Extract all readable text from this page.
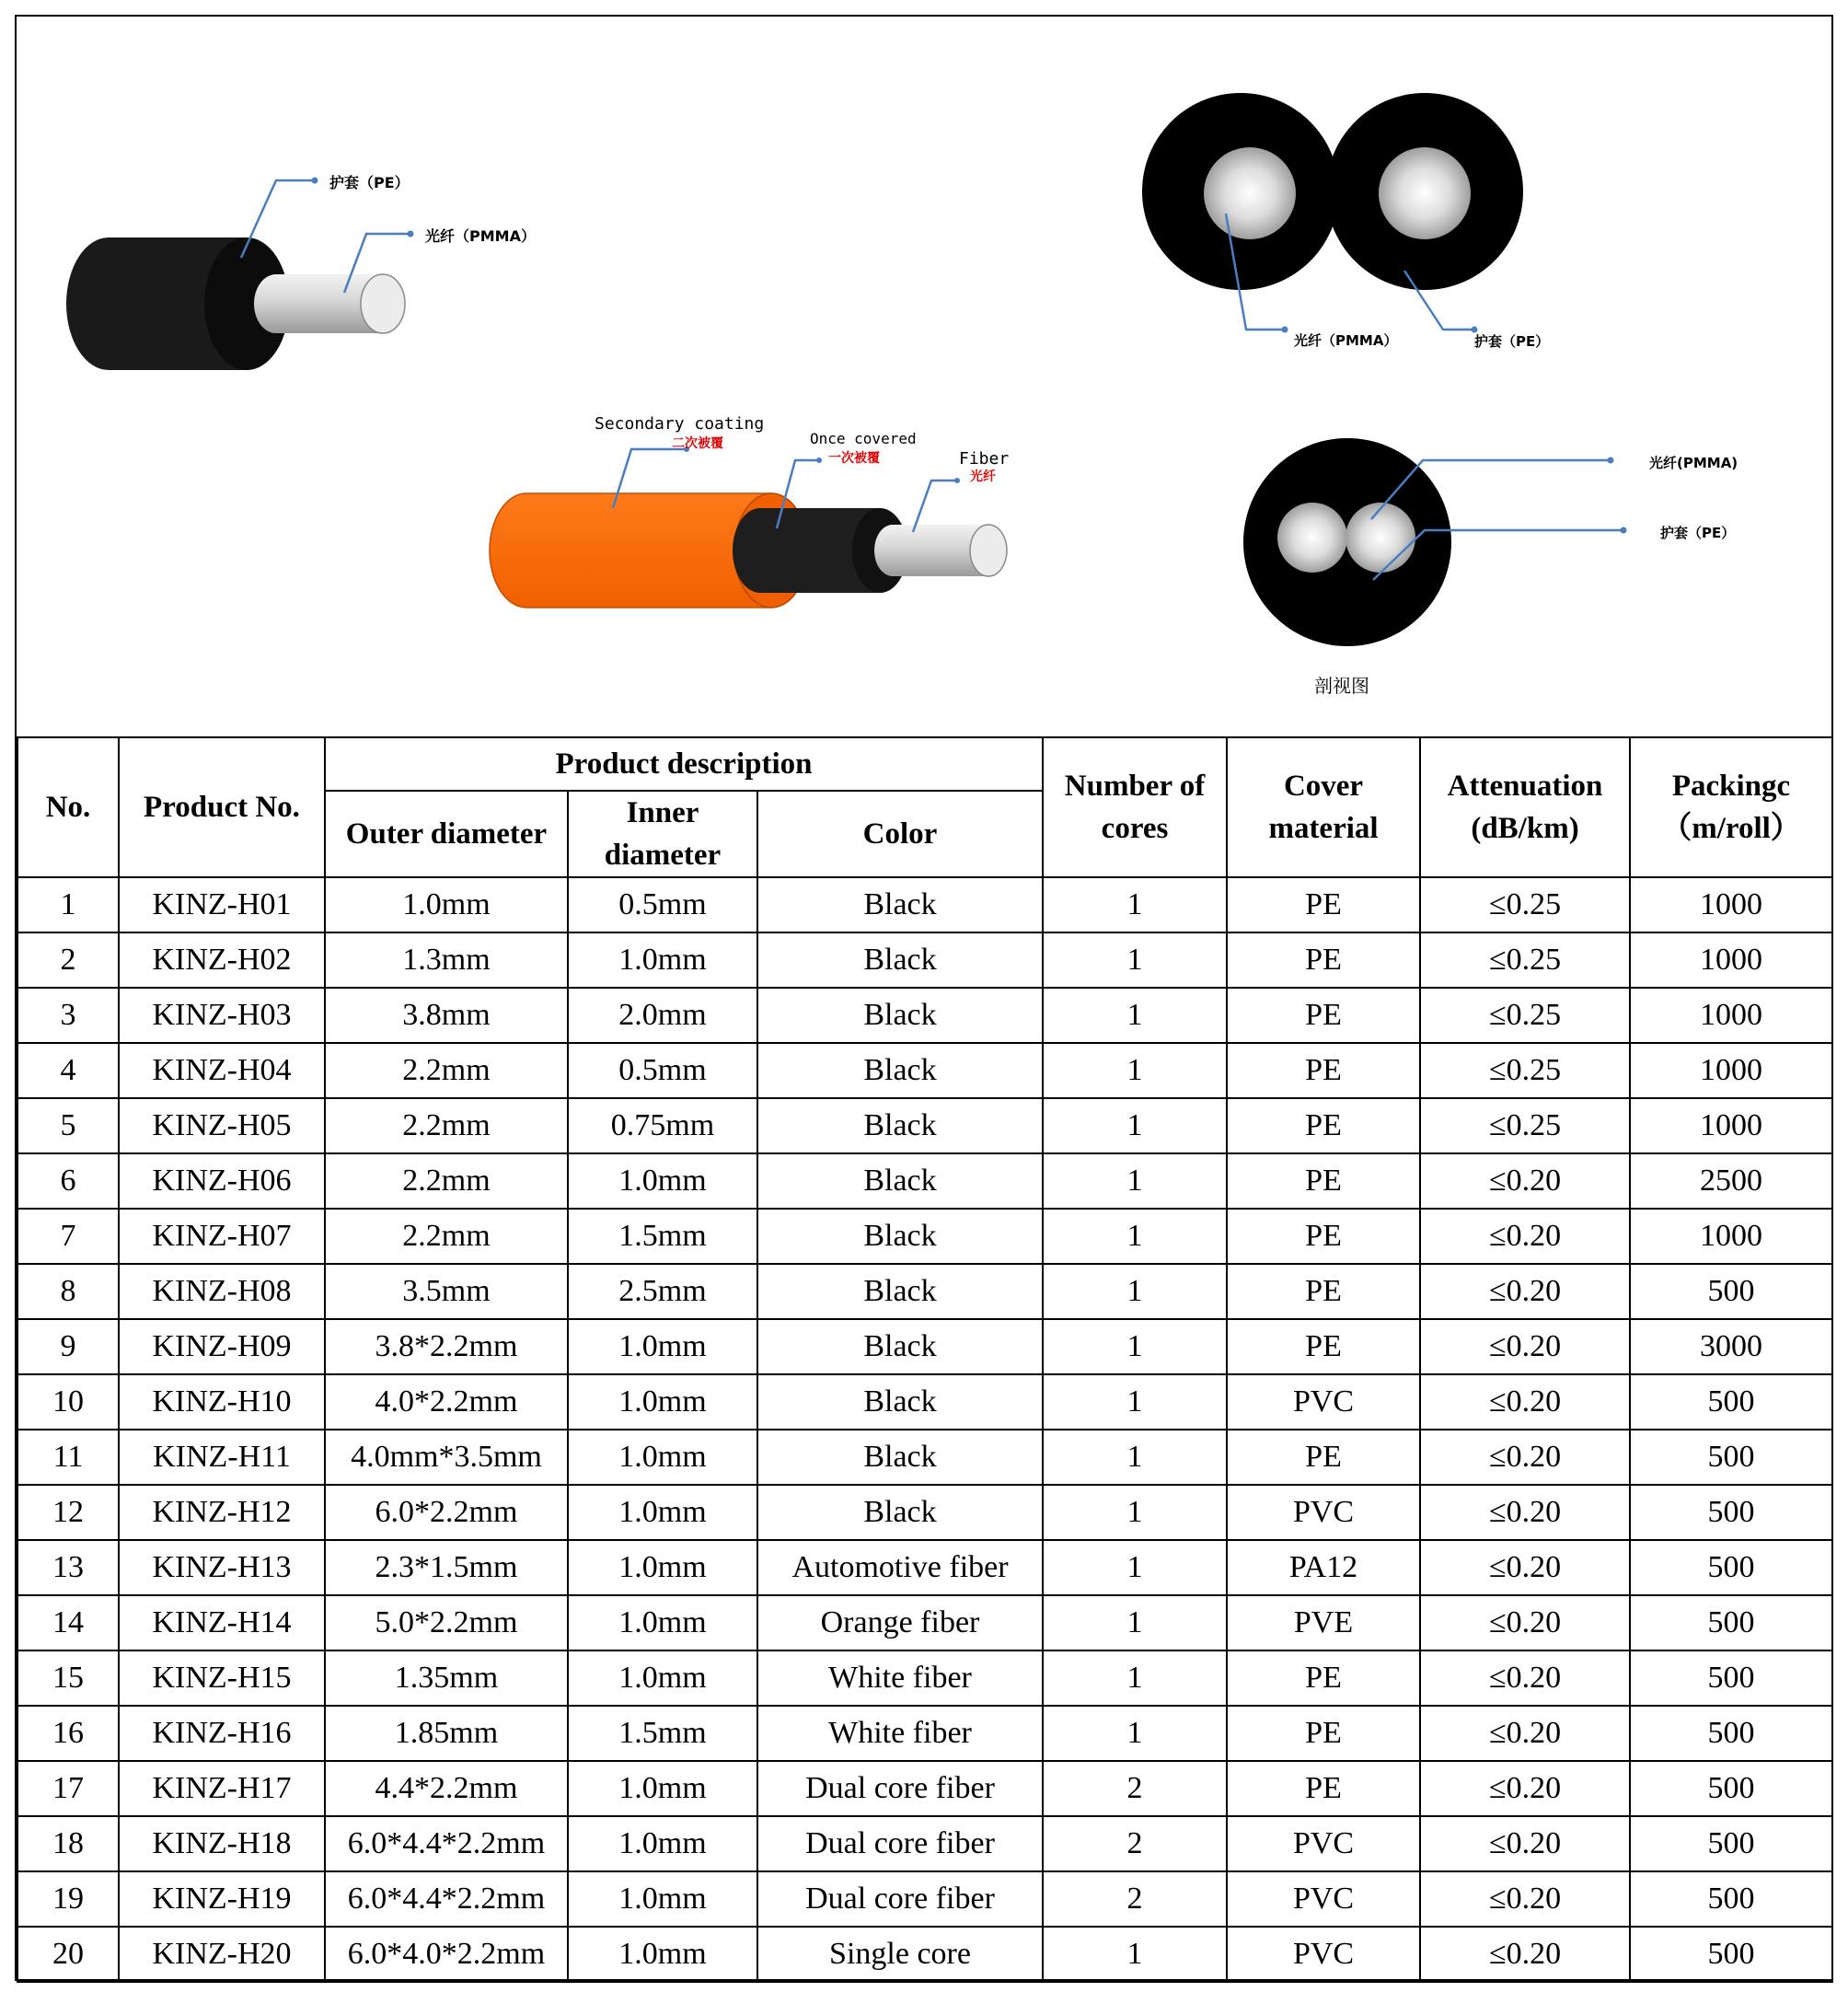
护套（PE）
光纤（PMMA）
光纤（PMMA）	护套（PE）
Secondary coating
二次被覆	Once covered
一次被覆	Fiber
光纤
光纤(PMMA)
护套（PE）
剖视图
No.	Product No.	Product description			Number of cores	Cover material	Attenuation (dB/km)	Packingc （m/roll）
		Outer diameter	Inner diameter	Color				
1	KINZ-H01	1.0mm	0.5mm	Black	1	PE	≤0.25	1000
2	KINZ-H02	1.3mm	1.0mm	Black	1	PE	≤0.25	1000
3	KINZ-H03	3.8mm	2.0mm	Black	1	PE	≤0.25	1000
4	KINZ-H04	2.2mm	0.5mm	Black	1	PE	≤0.25	1000
5	KINZ-H05	2.2mm	0.75mm	Black	1	PE	≤0.25	1000
6	KINZ-H06	2.2mm	1.0mm	Black	1	PE	≤0.20	2500
7	KINZ-H07	2.2mm	1.5mm	Black	1	PE	≤0.20	1000
8	KINZ-H08	3.5mm	2.5mm	Black	1	PE	≤0.20	500
9	KINZ-H09	3.8*2.2mm	1.0mm	Black	1	PE	≤0.20	3000
10	KINZ-H10	4.0*2.2mm	1.0mm	Black	1	PVC	≤0.20	500
11	KINZ-H11	4.0mm*3.5mm	1.0mm	Black	1	PE	≤0.20	500
12	KINZ-H12	6.0*2.2mm	1.0mm	Black	1	PVC	≤0.20	500
13	KINZ-H13	2.3*1.5mm	1.0mm	Automotive fiber	1	PA12	≤0.20	500
14	KINZ-H14	5.0*2.2mm	1.0mm	Orange fiber	1	PVE	≤0.20	500
15	KINZ-H15	1.35mm	1.0mm	White fiber	1	PE	≤0.20	500
16	KINZ-H16	1.85mm	1.5mm	White fiber	1	PE	≤0.20	500
17	KINZ-H17	4.4*2.2mm	1.0mm	Dual core fiber	2	PE	≤0.20	500
18	KINZ-H18	6.0*4.4*2.2mm	1.0mm	Dual core fiber	2	PVC	≤0.20	500
19	KINZ-H19	6.0*4.4*2.2mm	1.0mm	Dual core fiber	2	PVC	≤0.20	500
20	KINZ-H20	6.0*4.0*2.2mm	1.0mm	Single core	1	PVC	≤0.20	500
